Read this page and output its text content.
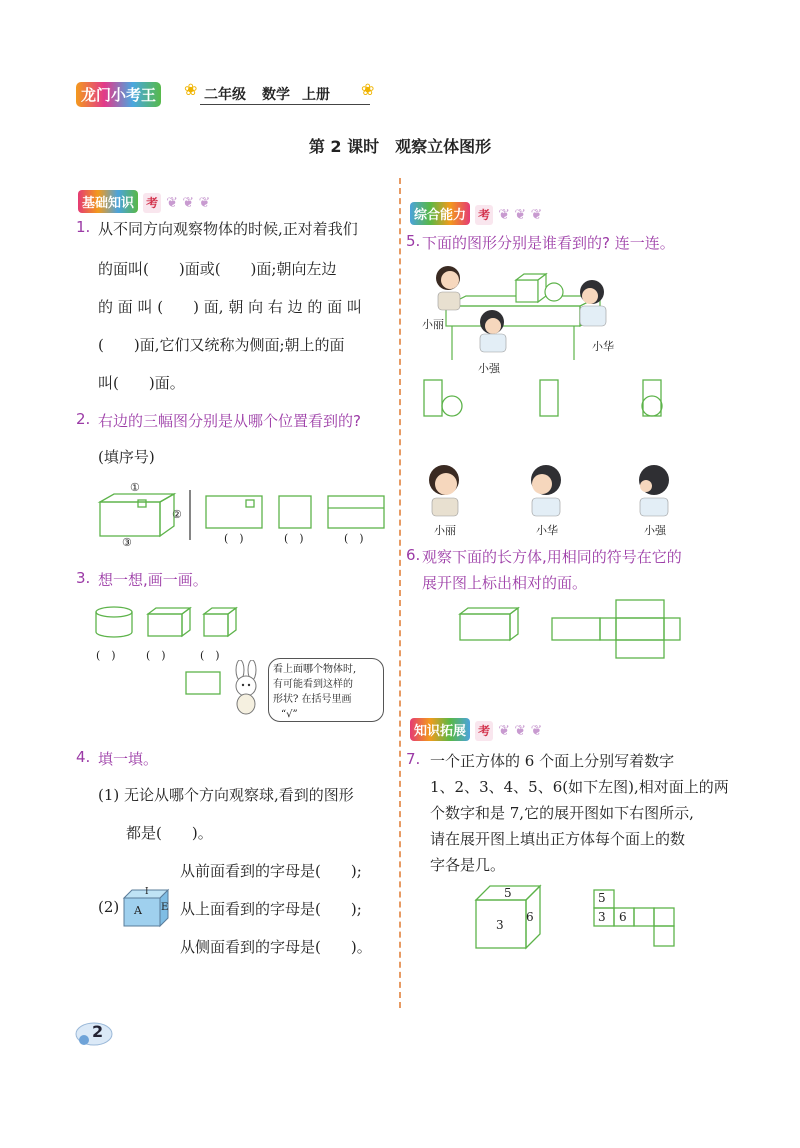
龙门小考王	❀ 二年级 数学 上册 ❀
第 2 课时　观察立体图形
基础知识 考 ❦ ❦ ❦
1. 从不同方向观察物体的时候,正对着我们
的面叫(　　)面或(　　)面;朝向左边
的 面 叫 (　　) 面, 朝 向 右 边 的 面 叫
(　　)面,它们又统称为侧面;朝上的面
叫(　　)面。
2. 右边的三幅图分别是从哪个位置看到的?
(填序号)
①
②
③	(　)	(　)	(　)
3. 想一想,画一画。
(　)	(　)	(　)
看上面哪个物体时,
有可能看到这样的
形状? 在括号里画
“√”
4. 填一填。
(1) 无论从哪个方向观察球,看到的图形
都是(　　)。
从前面看到的字母是(　　);
(2)	从上面看到的字母是(　　);
从侧面看到的字母是(　　)。
I
A E
2
综合能力 考 ❦ ❦ ❦
5. 下面的图形分别是谁看到的? 连一连。
小丽
小华
小强
小丽	小华	小强
6. 观察下面的长方体,用相同的符号在它的
展开图上标出相对的面。
知识拓展 考 ❦ ❦ ❦
7. 一个正方体的 6 个面上分别写着数字
1、2、3、4、5、6(如下左图),相对面上的两
个数字和是 7,它的展开图如下右图所示,
请在展开图上填出正方体每个面上的数
字各是几。
5
3
6
5
3 6
